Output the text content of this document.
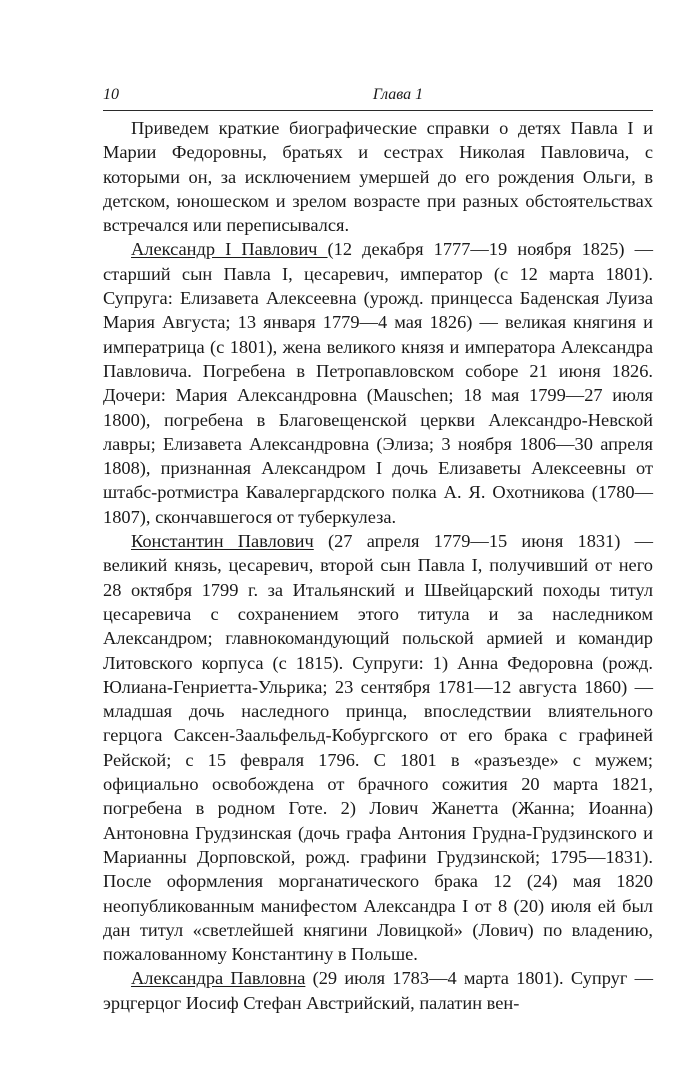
10	Глава 1

Приведем краткие биографические справки о детях Павла I и Марии Федоровны, братьях и сестрах Николая Павловича, с которыми он, за исключением умершей до его рождения Ольги, в детском, юношеском и зрелом возрасте при разных обстоятельствах встречался или переписывался.

Александр I Павлович (12 декабря 1777—19 ноября 1825) — старший сын Павла I, цесаревич, император (с 12 марта 1801). Супруга: Елизавета Алексеевна (урожд. принцесса Баденская Луиза Мария Августа; 13 января 1779—4 мая 1826) — великая княгиня и императрица (с 1801), жена великого князя и императора Александра Павловича. Погребена в Петропавловском соборе 21 июня 1826. Дочери: Мария Александровна (Mauschen; 18 мая 1799—27 июля 1800), погребена в Благовещенской церкви Александро-Невской лавры; Елизавета Александровна (Элиза; 3 ноября 1806—30 апреля 1808), признанная Александром I дочь Елизаветы Алексеевны от штабс-ротмистра Кавалергардского полка А. Я. Охотникова (1780—1807), скончавшегося от туберкулеза.

Константин Павлович (27 апреля 1779—15 июня 1831) — великий князь, цесаревич, второй сын Павла I, получивший от него 28 октября 1799 г. за Итальянский и Швейцарский походы титул цесаревича с сохранением этого титула и за наследником Александром; главнокомандующий польской армией и командир Литовского корпуса (с 1815). Супруги: 1) Анна Федоровна (рожд. Юлиана-Генриетта-Ульрика; 23 сентября 1781—12 августа 1860) — младшая дочь наследного принца, впоследствии влиятельного герцога Саксен-Заальфельд-Кобургского от его брака с графиней Рейской; с 15 февраля 1796. С 1801 в «разъезде» с мужем; официально освобождена от брачного сожития 20 марта 1821, погребена в родном Готе. 2) Лович Жанетта (Жанна; Иоанна) Антоновна Грудзинская (дочь графа Антония Грудна-Грудзинского и Марианны Дорповской, рожд. графини Грудзинской; 1795—1831). После оформления морганатического брака 12 (24) мая 1820 неопубликованным манифестом Александра I от 8 (20) июля ей был дан титул «светлейшей княгини Ловицкой» (Лович) по владению, пожалованному Константину в Польше.

Александра Павловна (29 июля 1783—4 марта 1801). Супруг — эрцгерцог Иосиф Стефан Австрийский, палатин вен-
